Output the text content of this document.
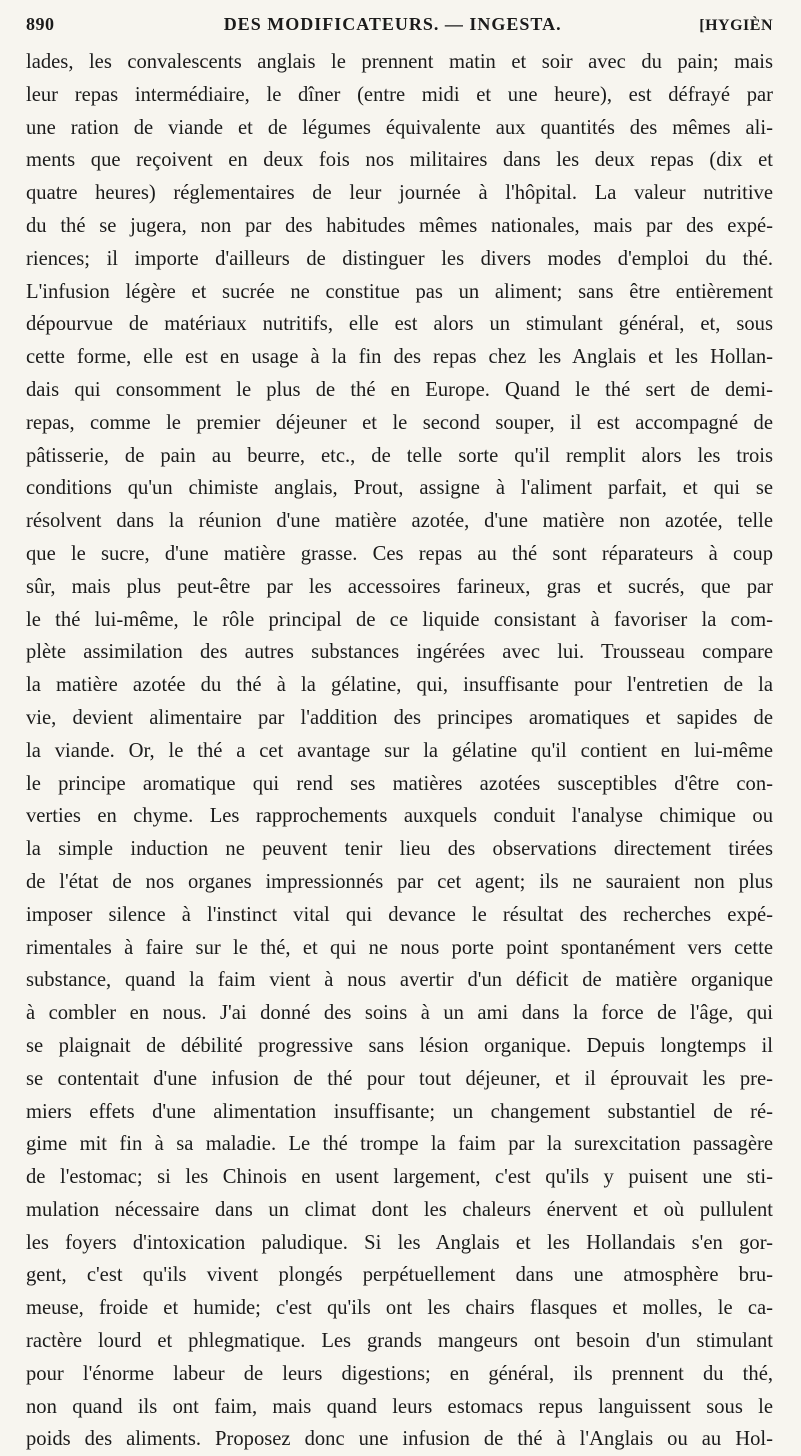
890	DES MODIFICATEURS. — INGESTA.	[HYGIÈN
lades, les convalescents anglais le prennent matin et soir avec du pain; mais
leur repas intermédiaire, le dîner (entre midi et une heure), est défrayé par
une ration de viande et de légumes équivalente aux quantités des mêmes ali-
ments que reçoivent en deux fois nos militaires dans les deux repas (dix et
quatre heures) réglementaires de leur journée à l'hôpital. La valeur nutritive
du thé se jugera, non par des habitudes mêmes nationales, mais par des expé-
riences; il importe d'ailleurs de distinguer les divers modes d'emploi du thé.
L'infusion légère et sucrée ne constitue pas un aliment; sans être entièrement
dépourvue de matériaux nutritifs, elle est alors un stimulant général, et, sous
cette forme, elle est en usage à la fin des repas chez les Anglais et les Hollan-
dais qui consomment le plus de thé en Europe. Quand le thé sert de demi-
repas, comme le premier déjeuner et le second souper, il est accompagné de
pâtisserie, de pain au beurre, etc., de telle sorte qu'il remplit alors les trois
conditions qu'un chimiste anglais, Prout, assigne à l'aliment parfait, et qui se
résolvent dans la réunion d'une matière azotée, d'une matière non azotée, telle
que le sucre, d'une matière grasse. Ces repas au thé sont réparateurs à coup
sûr, mais plus peut-être par les accessoires farineux, gras et sucrés, que par
le thé lui-même, le rôle principal de ce liquide consistant à favoriser la com-
plète assimilation des autres substances ingérées avec lui. Trousseau compare
la matière azotée du thé à la gélatine, qui, insuffisante pour l'entretien de la
vie, devient alimentaire par l'addition des principes aromatiques et sapides de
la viande. Or, le thé a cet avantage sur la gélatine qu'il contient en lui-même
le principe aromatique qui rend ses matières azotées susceptibles d'être con-
verties en chyme. Les rapprochements auxquels conduit l'analyse chimique ou
la simple induction ne peuvent tenir lieu des observations directement tirées
de l'état de nos organes impressionnés par cet agent; ils ne sauraient non plus
imposer silence à l'instinct vital qui devance le résultat des recherches expé-
rimentales à faire sur le thé, et qui ne nous porte point spontanément vers cette
substance, quand la faim vient à nous avertir d'un déficit de matière organique
à combler en nous. J'ai donné des soins à un ami dans la force de l'âge, qui
se plaignait de débilité progressive sans lésion organique. Depuis longtemps il
se contentait d'une infusion de thé pour tout déjeuner, et il éprouvait les pre-
miers effets d'une alimentation insuffisante; un changement substantiel de ré-
gime mit fin à sa maladie. Le thé trompe la faim par la surexcitation passagère
de l'estomac; si les Chinois en usent largement, c'est qu'ils y puisent une sti-
mulation nécessaire dans un climat dont les chaleurs énervent et où pullulent
les foyers d'intoxication paludique. Si les Anglais et les Hollandais s'en gor-
gent, c'est qu'ils vivent plongés perpétuellement dans une atmosphère bru-
meuse, froide et humide; c'est qu'ils ont les chairs flasques et molles, le ca-
ractère lourd et phlegmatique. Les grands mangeurs ont besoin d'un stimulant
pour l'énorme labeur de leurs digestions; en général, ils prennent du thé,
non quand ils ont faim, mais quand leurs estomacs repus languissent sous le
poids des aliments. Proposez donc une infusion de thé à l'Anglais ou au Hol-
